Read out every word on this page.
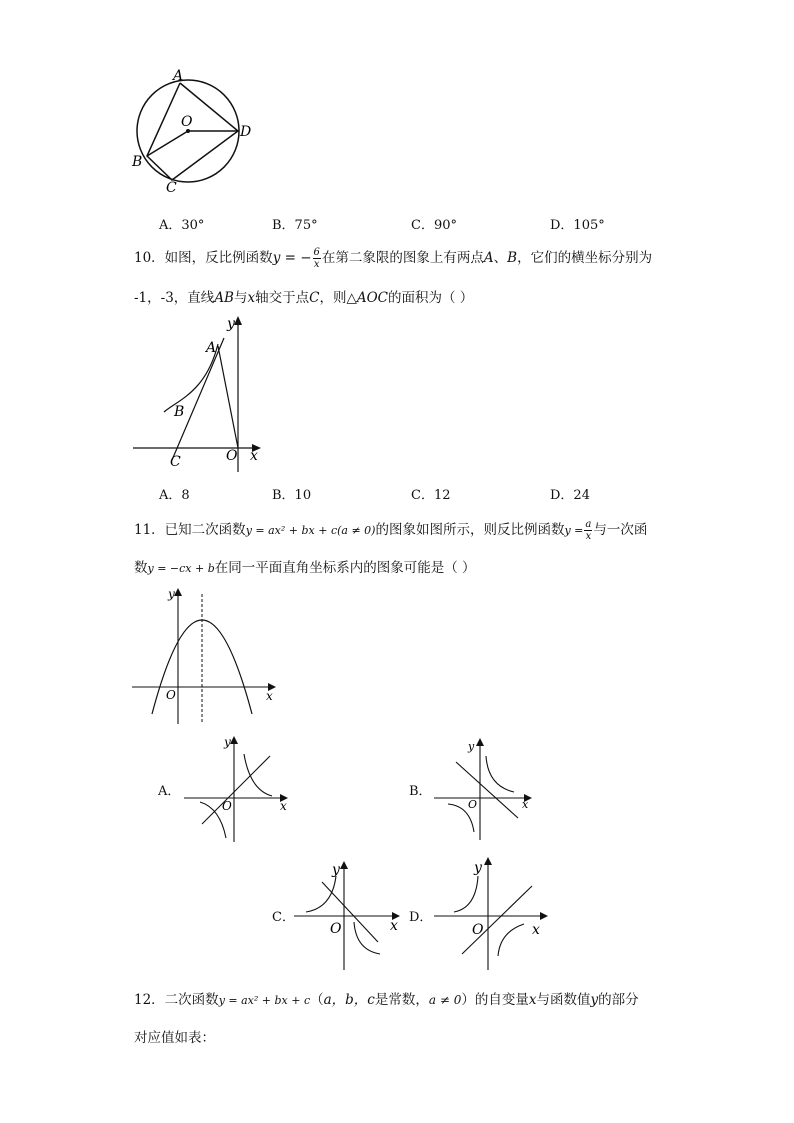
A
O
D
B
C
A．30°	B．75°	C．90°	D．105°
10．如图，反比例函数y = − $\frac{6}{x}$ 在第二象限的图象上有两点A、B，它们的横坐标分别为
-1，-3，直线AB与x轴交于点C，则△AOC的面积为（ ）
y
A
B
C	O x
A．8	B．10	C．12	D．24
11．已知二次函数y = ax² + bx + c(a ≠ 0)的图象如图所示，则反比例函数$y = \frac{a}{x}$ 与一次函
数y = −cx + b在同一平面直角坐标系内的图象可能是（ ）
y
O	x
A．
y
O	x
B．
y
O	x
C．
y
O	x
D．
y
O	x
12．二次函数y = ax² + bx + c（a，b，c是常数，a ≠ 0）的自变量x与函数值y的部分
对应值如表：
